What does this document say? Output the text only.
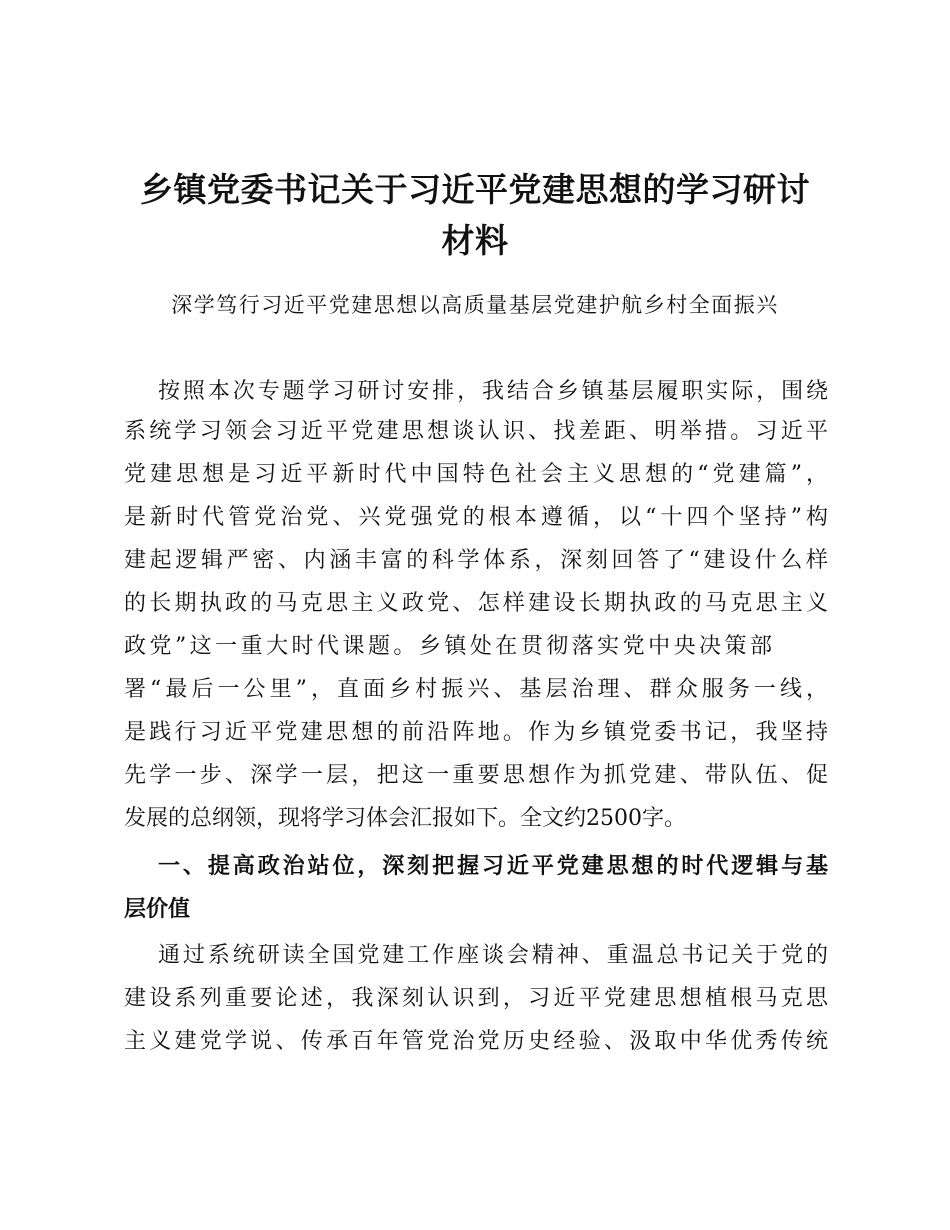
乡镇党委书记关于习近平党建思想的学习研讨
材料

深学笃行习近平党建思想以高质量基层党建护航乡村全面振兴

按照本次专题学习研讨安排，我结合乡镇基层履职实际，围绕

系统学习领会习近平党建思想谈认识、找差距、明举措。习近平

党建思想是习近平新时代中国特色社会主义思想的“党建篇”，

是新时代管党治党、兴党强党的根本遵循，以“十四个坚持”构

建起逻辑严密、内涵丰富的科学体系，深刻回答了“建设什么样

的长期执政的马克思主义政党、怎样建设长期执政的马克思主义

政党”这一重大时代课题。乡镇处在贯彻落实党中央决策部

署“最后一公里”，直面乡村振兴、基层治理、群众服务一线，

是践行习近平党建思想的前沿阵地。作为乡镇党委书记，我坚持

先学一步、深学一层，把这一重要思想作为抓党建、带队伍、促

发展的总纲领，现将学习体会汇报如下。全文约2500字。

一、提高政治站位，深刻把握习近平党建思想的时代逻辑与基
层价值

通过系统研读全国党建工作座谈会精神、重温总书记关于党的

建设系列重要论述，我深刻认识到，习近平党建思想植根马克思

主义建党学说、传承百年管党治党历史经验、汲取中华优秀传统
